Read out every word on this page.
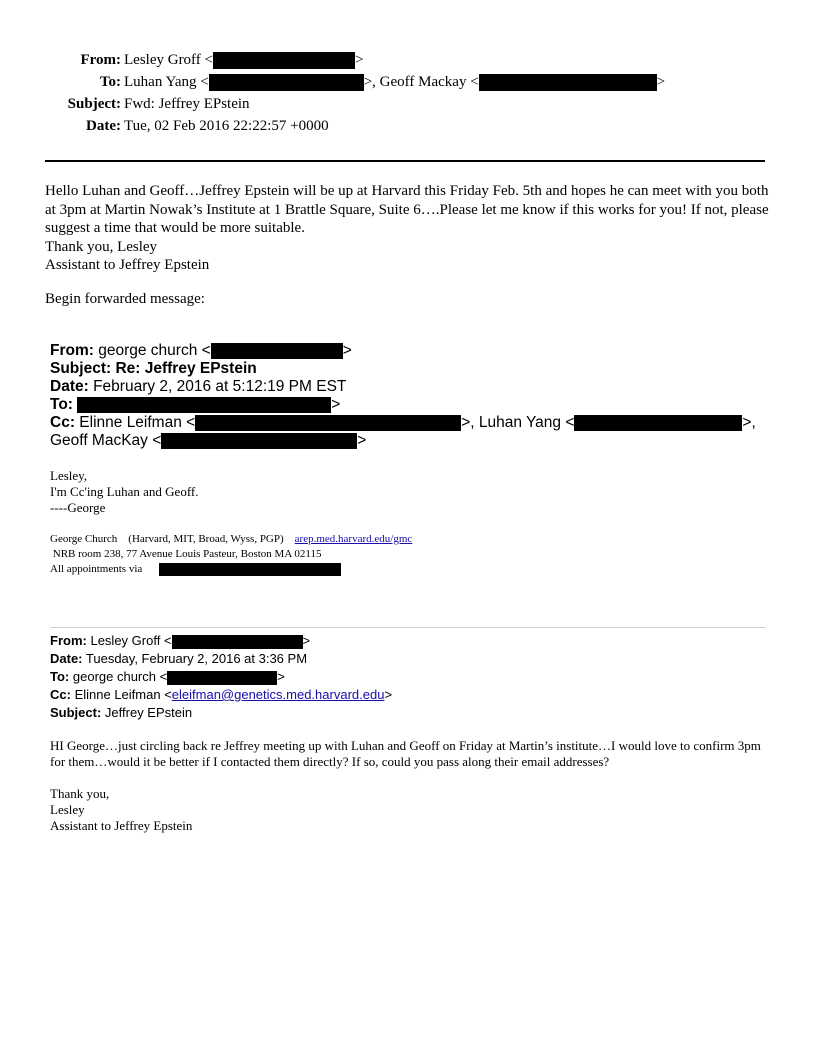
From: Lesley Groff <	>
To: Luhan Yang <	>, Geoff Mackay <	>
Subject: Fwd: Jeffrey EPstein
Date: Tue, 02 Feb 2016 22:22:57 +0000

Hello Luhan and Geoff…Jeffrey Epstein will be up at Harvard this Friday Feb. 5th and hopes he can meet with you both at 3pm at Martin Nowak’s Institute at 1 Brattle Square, Suite 6….Please let me know if this works for you! If not, please suggest a time that would be more suitable.

Thank you, Lesley

Assistant to Jeffrey Epstein

Begin forwarded message:
From: george church <	>
Subject: Re: Jeffrey EPstein
Date: February 2, 2016 at 5:12:19 PM EST
To:	>
Cc: Elinne Leifman <	>, Luhan Yang <	>,
Geoff MacKay <	>
Lesley,
I'm Cc'ing Luhan and Geoff.
----George
George Church    (Harvard, MIT, Broad, Wyss, PGP) arep.med.harvard.edu/gmc
NRB room 238, 77 Avenue Louis Pasteur, Boston MA 02115
All appointments via
From: Lesley Groff <	>
Date: Tuesday, February 2, 2016 at 3:36 PM
To: george church <	>
Cc: Elinne Leifman <eleifman@genetics.med.harvard.edu>
Subject: Jeffrey EPstein

HI George…just circling back re Jeffrey meeting up with Luhan and Geoff on Friday at Martin’s institute…I would love to confirm 3pm for them…would it be better if I contacted them directly? If so, could you pass along their email addresses?

Thank you,

Lesley

Assistant to Jeffrey Epstein
